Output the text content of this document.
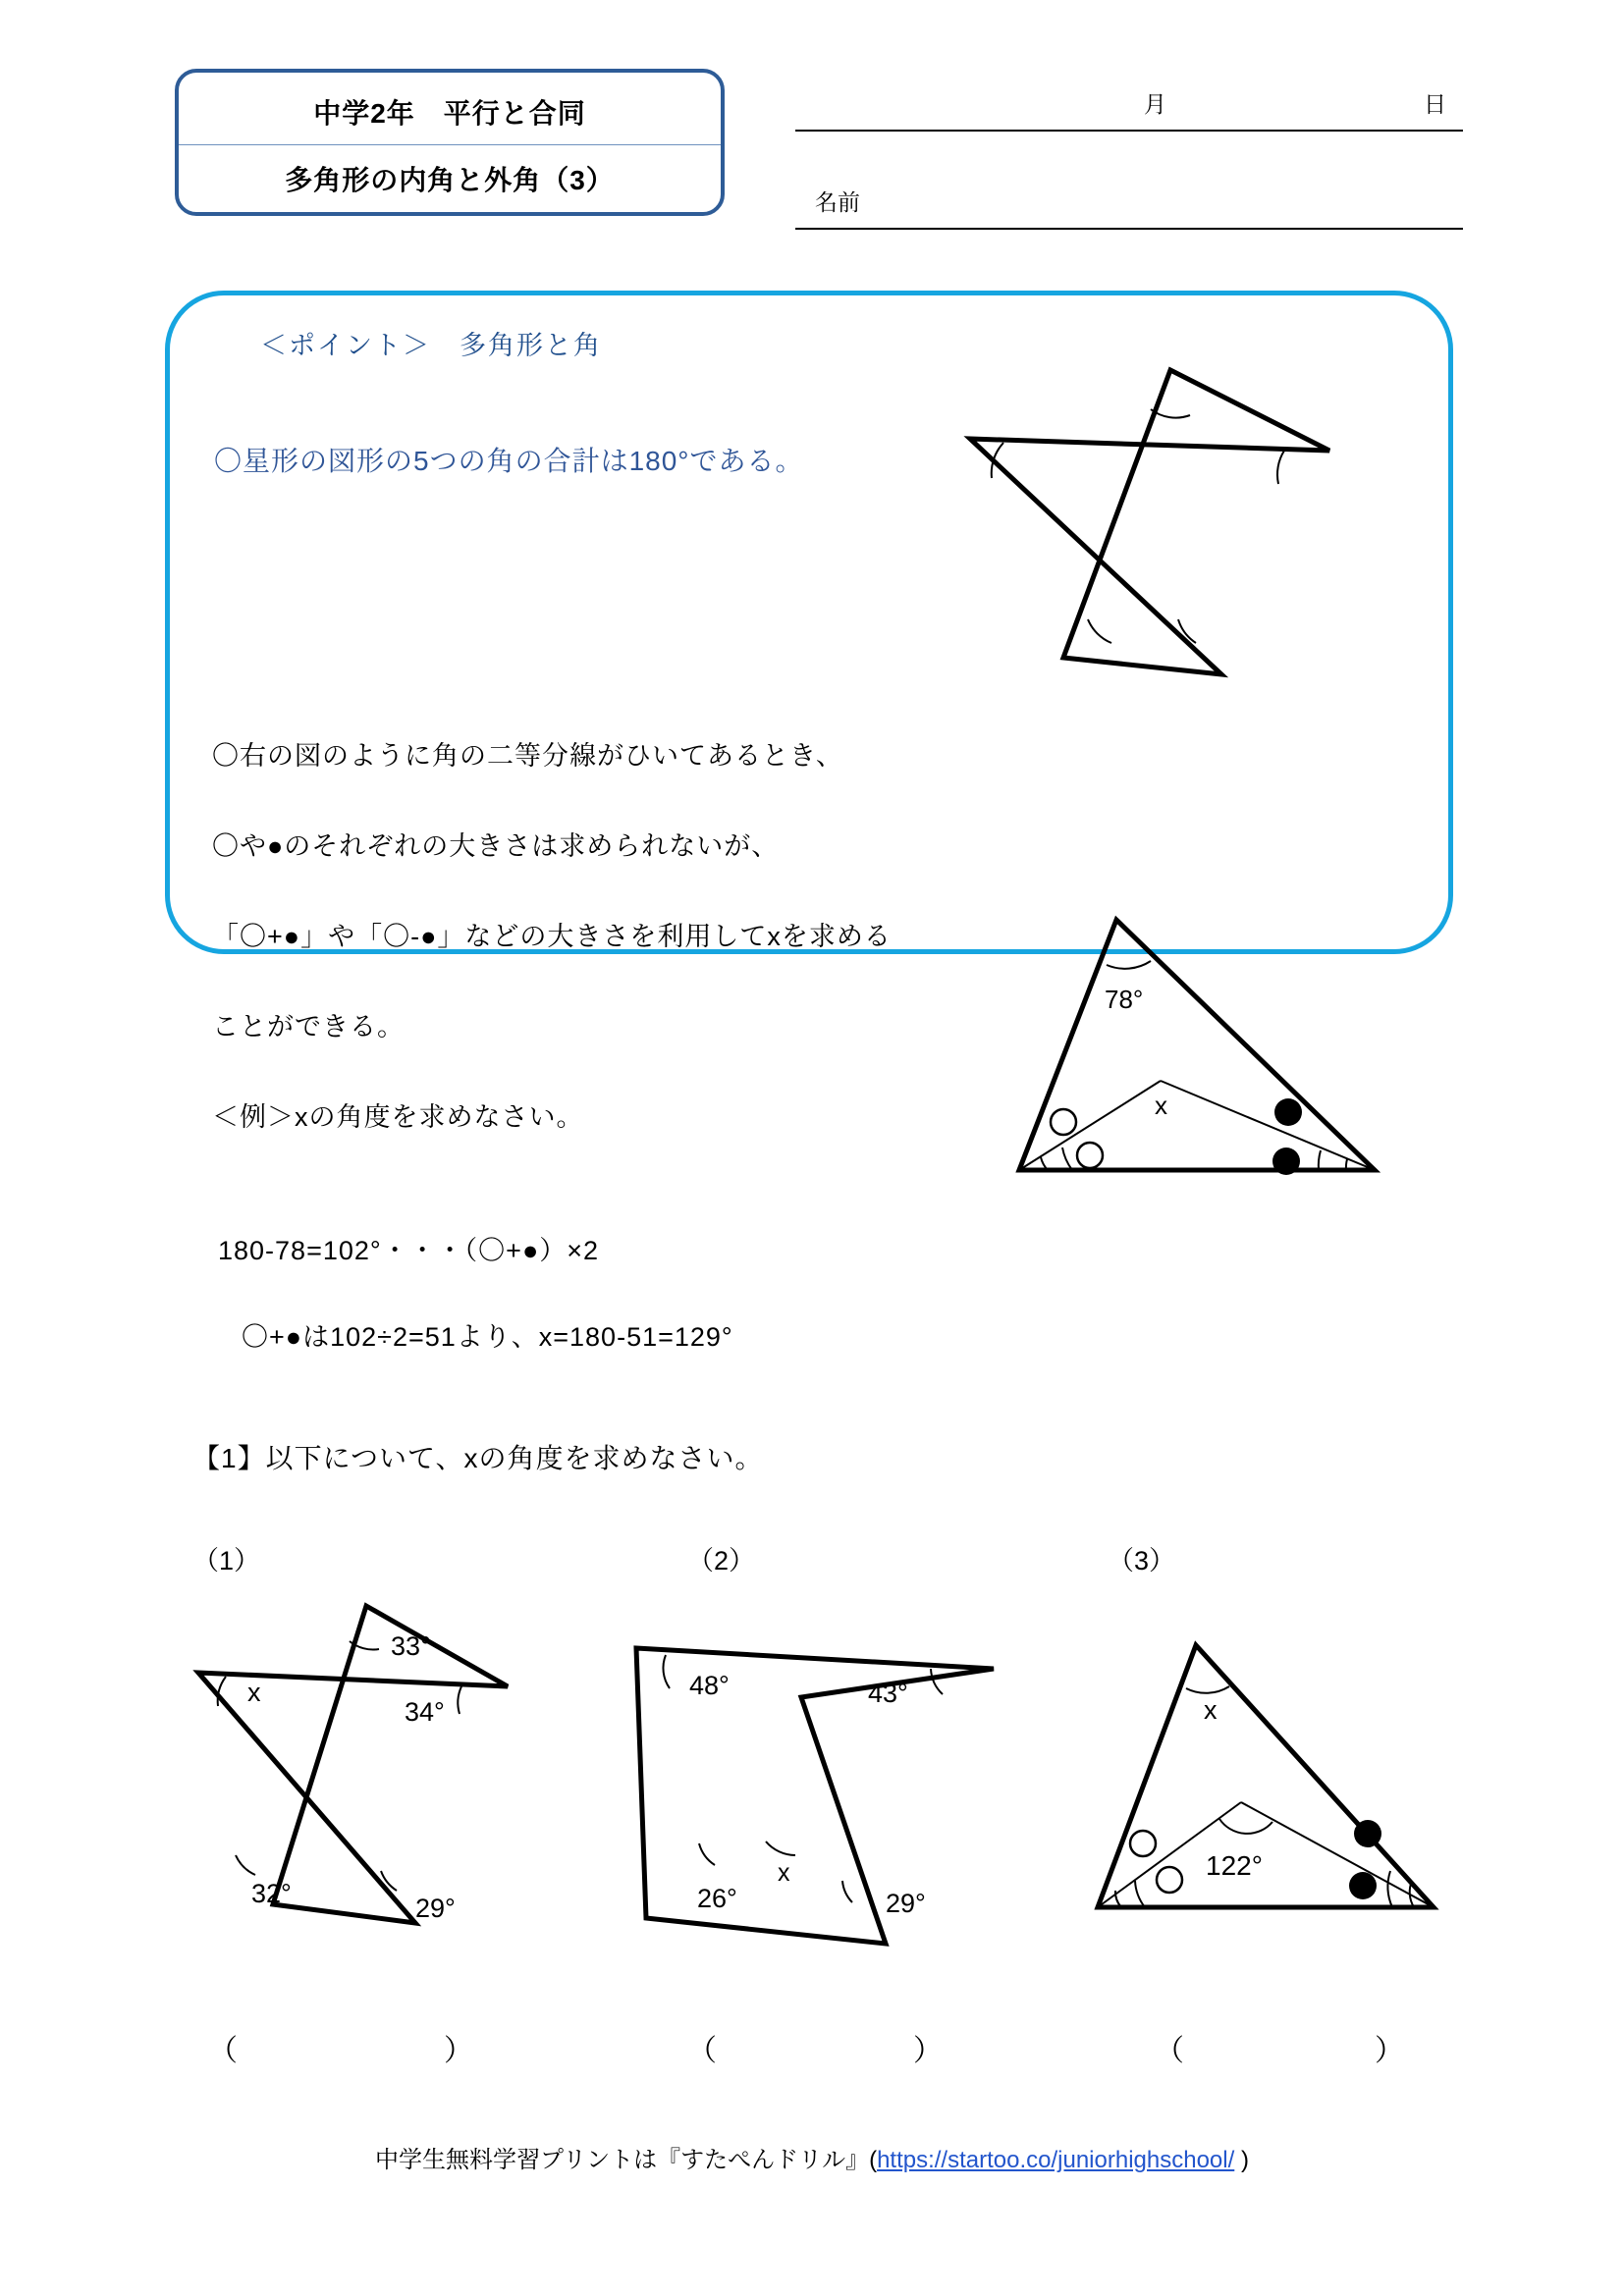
中学2年　平行と合同
多角形の内角と外角（3）
月	日
名前
＜ポイント＞　多角形と角
〇星形の図形の5つの角の合計は180°である。
〇右の図のように角の二等分線がひいてあるとき、
〇や●のそれぞれの大きさは求められないが、
「〇+●」や「〇-●」などの大きさを利用してxを求める
ことができる。
＜例＞xの角度を求めなさい。
180-78=102°・・・（〇+●）×2
〇+●は102÷2=51より、x=180-51=129°
78°
x
【1】以下について、xの角度を求めなさい。
（1）	（2）	（3）
33°
x
34°
32°	29°
48°	43°
26°	29°
x
x
122°
（	）	（	）	（	）
中学生無料学習プリントは『すたぺんドリル』(https://startoo.co/juniorhighschool/ )
